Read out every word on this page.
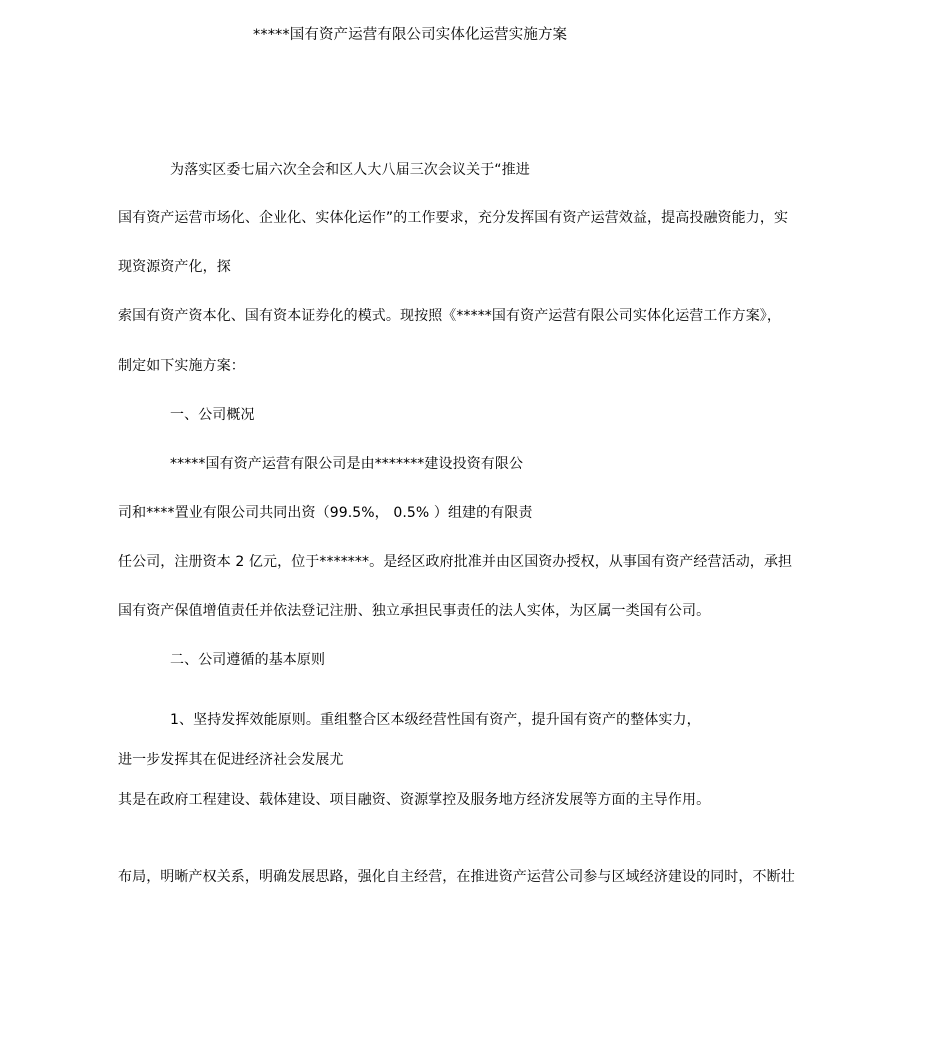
*****国有资产运营有限公司实体化运营实施方案
为落实区委七届六次全会和区人大八届三次会议关于“推进
国有资产运营市场化、企业化、实体化运作”的工作要求，充分发挥国有资产运营效益，提高投融资能力，实
现资源资产化，探
索国有资产资本化、国有资本证券化的模式。现按照《*****国有资产运营有限公司实体化运营工作方案》，
制定如下实施方案：
一、公司概况
*****国有资产运营有限公司是由*******建设投资有限公
司和****置业有限公司共同出资（99.5%， 0.5% ）组建的有限责
任公司，注册资本 2 亿元，位于*******。是经区政府批准并由区国资办授权，从事国有资产经营活动，承担
国有资产保值增值责任并依法登记注册、独立承担民事责任的法人实体，为区属一类国有公司。
二、公司遵循的基本原则
1、坚持发挥效能原则。重组整合区本级经营性国有资产，提升国有资产的整体实力，
进一步发挥其在促进经济社会发展尤
其是在政府工程建设、载体建设、项目融资、资源掌控及服务地方经济发展等方面的主导作用。
布局，明晰产权关系，明确发展思路，强化自主经营，在推进资产运营公司参与区域经济建设的同时，不断壮
